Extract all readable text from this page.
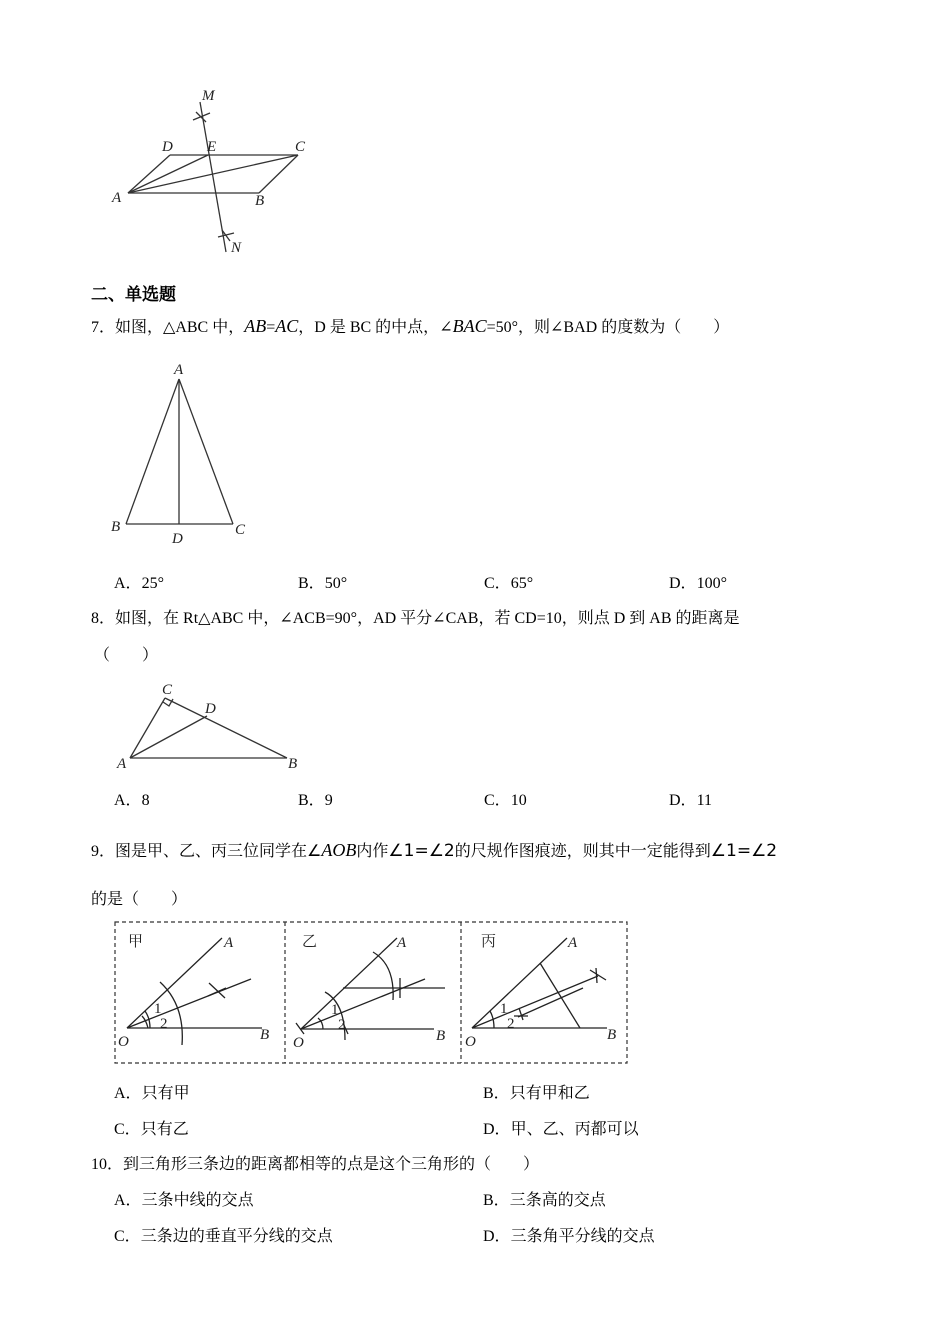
M
D E	C
A	B
N
二、单选题
7．如图，△ABC 中，AB=AC，D 是 BC 的中点，∠BAC=50°，则∠BAD 的度数为（　　）
A
B	C
D
A．25°	B．50°	C．65°	D．100°
8．如图，在 Rt△ABC 中，∠ACB=90°，AD 平分∠CAB，若 CD=10，则点 D 到 AB 的距离是
（　　）
C
D
A	B
A．8	B．9	C．10	D．11
9．图是甲、乙、丙三位同学在∠AOB内作∠1=∠2的尺规作图痕迹，则其中一定能得到∠1=∠2
的是（　　）
甲	A
B
O
1
2
乙	A
B
O
1
2
丙	A
B
O
1
2
A．只有甲	B．只有甲和乙
C．只有乙	D．甲、乙、丙都可以
10．到三角形三条边的距离都相等的点是这个三角形的（　　）
A．三条中线的交点	B．三条高的交点
C．三条边的垂直平分线的交点	D．三条角平分线的交点
